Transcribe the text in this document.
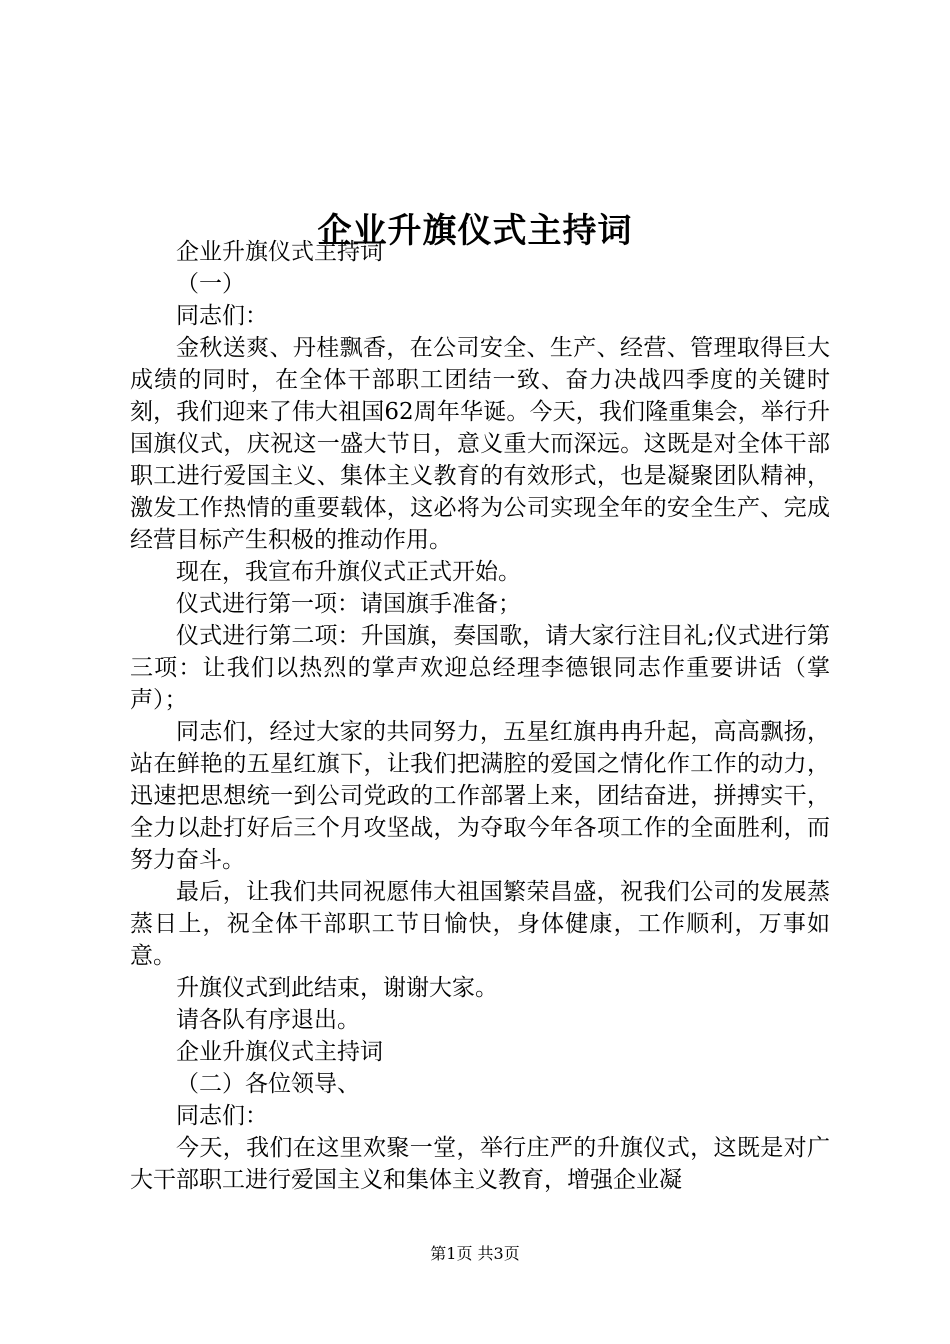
企业升旗仪式主持词

企业升旗仪式主持词

（一）

同志们：

金秋送爽、丹桂飘香，在公司安全、生产、经营、管理取得巨大成绩的同时，在全体干部职工团结一致、奋力决战四季度的关键时刻，我们迎来了伟大祖国62周年华诞。今天，我们隆重集会，举行升国旗仪式，庆祝这一盛大节日，意义重大而深远。这既是对全体干部职工进行爱国主义、集体主义教育的有效形式，也是凝聚团队精神，激发工作热情的重要载体，这必将为公司实现全年的安全生产、完成经营目标产生积极的推动作用。

现在，我宣布升旗仪式正式开始。

仪式进行第一项：请国旗手准备；

仪式进行第二项：升国旗，奏国歌，请大家行注目礼;仪式进行第三项：让我们以热烈的掌声欢迎总经理李德银同志作重要讲话（掌声）；

同志们，经过大家的共同努力，五星红旗冉冉升起，高高飘扬，站在鲜艳的五星红旗下，让我们把满腔的爱国之情化作工作的动力，迅速把思想统一到公司党政的工作部署上来，团结奋进，拼搏实干，全力以赴打好后三个月攻坚战，为夺取今年各项工作的全面胜利，而努力奋斗。

最后，让我们共同祝愿伟大祖国繁荣昌盛，祝我们公司的发展蒸蒸日上，祝全体干部职工节日愉快，身体健康，工作顺利，万事如意。

升旗仪式到此结束，谢谢大家。

请各队有序退出。

企业升旗仪式主持词

（二）各位领导、

同志们：

今天，我们在这里欢聚一堂，举行庄严的升旗仪式，这既是对广大干部职工进行爱国主义和集体主义教育，增强企业凝

第1页 共3页
